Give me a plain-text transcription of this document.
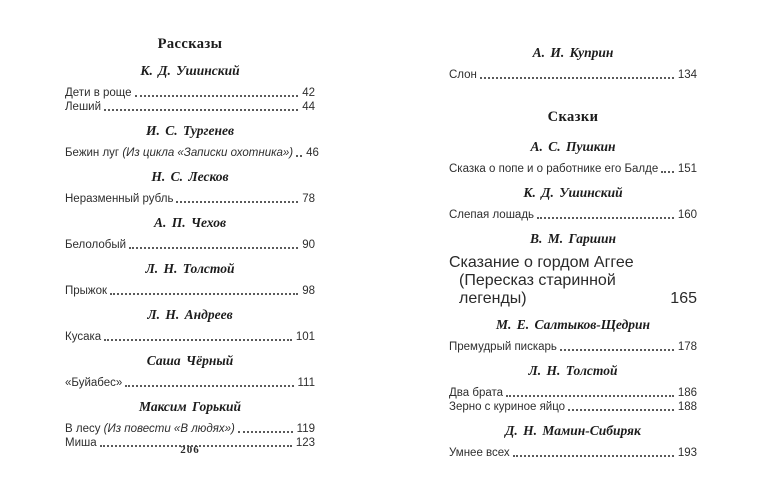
Рассказы
К. Д. Ушинский
Дети в роще	42
Леший	44
И. С. Тургенев
Бежин луг (Из цикла «Записки охотника») 46
Н. С. Лесков
Неразменный рубль	78
А. П. Чехов
Белолобый	90
Л. Н. Толстой
Прыжок	98
Л. Н. Андреев
Кусака	101
Саша Чёрный
«Буйабес»	111
Максим Горький
В лесу (Из повести «В людях»)	119
Миша	123
206
А. И. Куприн
Слон	134
Сказки
А. С. Пушкин
Сказка о попе и о работнике его Балде 151
К. Д. Ушинский
Слепая лошадь	160
В. М. Гаршин
Сказание о гордом Аггее
(Пересказ старинной легенды)	165
М. Е. Салтыков-Щедрин
Премудрый пискарь	178
Л. Н. Толстой
Два брата	186
Зерно с куриное яйцо	188
Д. Н. Мамин-Сибиряк
Умнее всех	193
